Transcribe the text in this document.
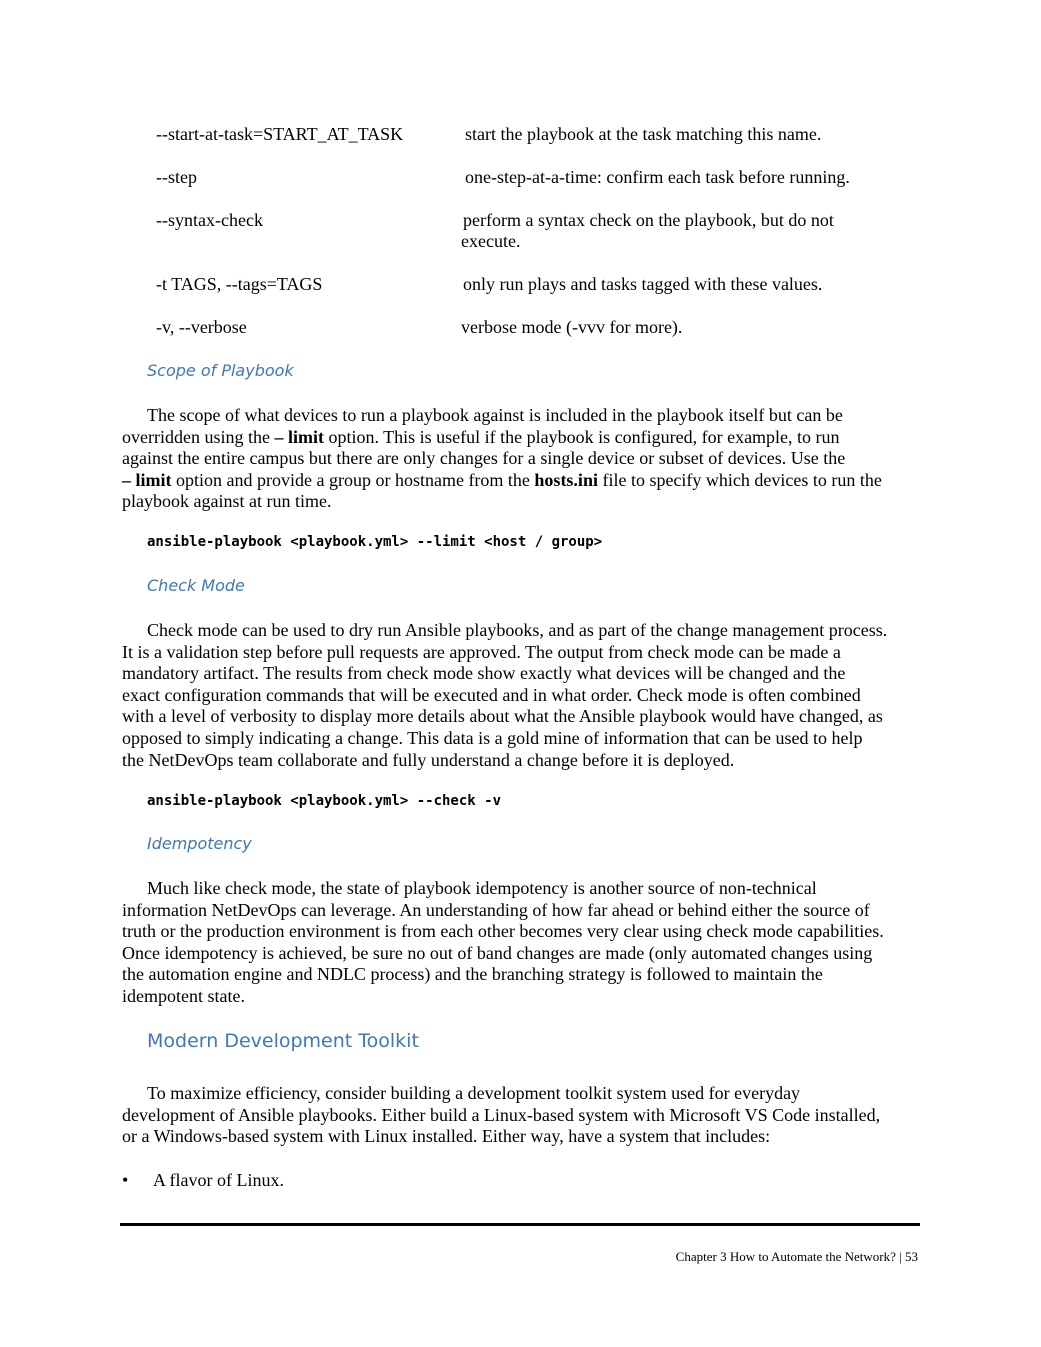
--start-at-task=START_AT_TASK	start the playbook at the task matching this name.
--step	one-step-at-a-time: confirm each task before running.
--syntax-check	perform a syntax check on the playbook, but do not
execute.
-t TAGS, --tags=TAGS	only run plays and tasks tagged with these values.
-v, --verbose	verbose mode (-vvv for more).
Scope of Playbook
The scope of what devices to run a playbook against is included in the playbook itself but can be
overridden using the – limit option. This is useful if the playbook is configured, for example, to run
against the entire campus but there are only changes for a single device or subset of devices. Use the
– limit option and provide a group or hostname from the hosts.ini file to specify which devices to run the
playbook against at run time.
ansible-playbook <playbook.yml> --limit <host / group>
Check Mode
Check mode can be used to dry run Ansible playbooks, and as part of the change management process.
It is a validation step before pull requests are approved. The output from check mode can be made a
mandatory artifact. The results from check mode show exactly what devices will be changed and the
exact configuration commands that will be executed and in what order. Check mode is often combined
with a level of verbosity to display more details about what the Ansible playbook would have changed, as
opposed to simply indicating a change. This data is a gold mine of information that can be used to help
the NetDevOps team collaborate and fully understand a change before it is deployed.
ansible-playbook <playbook.yml> --check -v
Idempotency
Much like check mode, the state of playbook idempotency is another source of non-technical
information NetDevOps can leverage. An understanding of how far ahead or behind either the source of
truth or the production environment is from each other becomes very clear using check mode capabilities.
Once idempotency is achieved, be sure no out of band changes are made (only automated changes using
the automation engine and NDLC process) and the branching strategy is followed to maintain the
idempotent state.
Modern Development Toolkit
To maximize efficiency, consider building a development toolkit system used for everyday
development of Ansible playbooks. Either build a Linux-based system with Microsoft VS Code installed,
or a Windows-based system with Linux installed. Either way, have a system that includes:
• A flavor of Linux.
Chapter 3 How to Automate the Network? | 53
